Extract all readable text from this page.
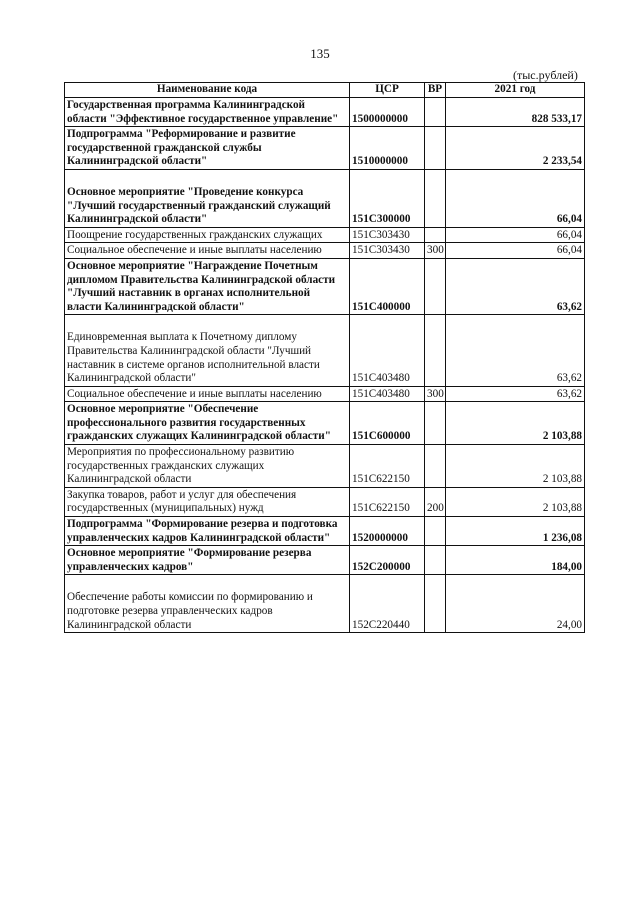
135
(тыс.рублей)
Наименование кода	ЦСР	ВР	2021 год
Государственная программа Калининградской области "Эффективное государственное управление"	1500000000		828 533,17
Подпрограмма "Реформирование и развитие государственной гражданской службы Калининградской области"	1510000000		2 233,54
Основное мероприятие "Проведение конкурса "Лучший государственный гражданский служащий Калининградской области"	151C300000		66,04
Поощрение государственных гражданских служащих	151C303430		66,04
Социальное обеспечение и иные выплаты населению	151C303430	300	66,04
Основное мероприятие "Награждение Почетным дипломом Правительства Калининградской области "Лучший наставник в органах исполнительной власти Калининградской области"	151C400000		63,62
Единовременная выплата к Почетному диплому Правительства Калининградской области "Лучший наставник в системе органов исполнительной власти Калининградской области"	151C403480		63,62
Социальное обеспечение и иные выплаты населению	151C403480	300	63,62
Основное мероприятие "Обеспечение профессионального развития государственных гражданских служащих Калининградской области"	151C600000		2 103,88
Мероприятия по профессиональному развитию государственных гражданских служащих Калининградской области	151C622150		2 103,88
Закупка товаров, работ и услуг для обеспечения государственных (муниципальных) нужд	151C622150	200	2 103,88
Подпрограмма "Формирование резерва и подготовка управленческих кадров Калининградской области"	1520000000		1 236,08
Основное мероприятие "Формирование резерва управленческих кадров"	152C200000		184,00
Обеспечение работы комиссии по формированию и подготовке резерва управленческих кадров Калининградской области	152C220440		24,00
